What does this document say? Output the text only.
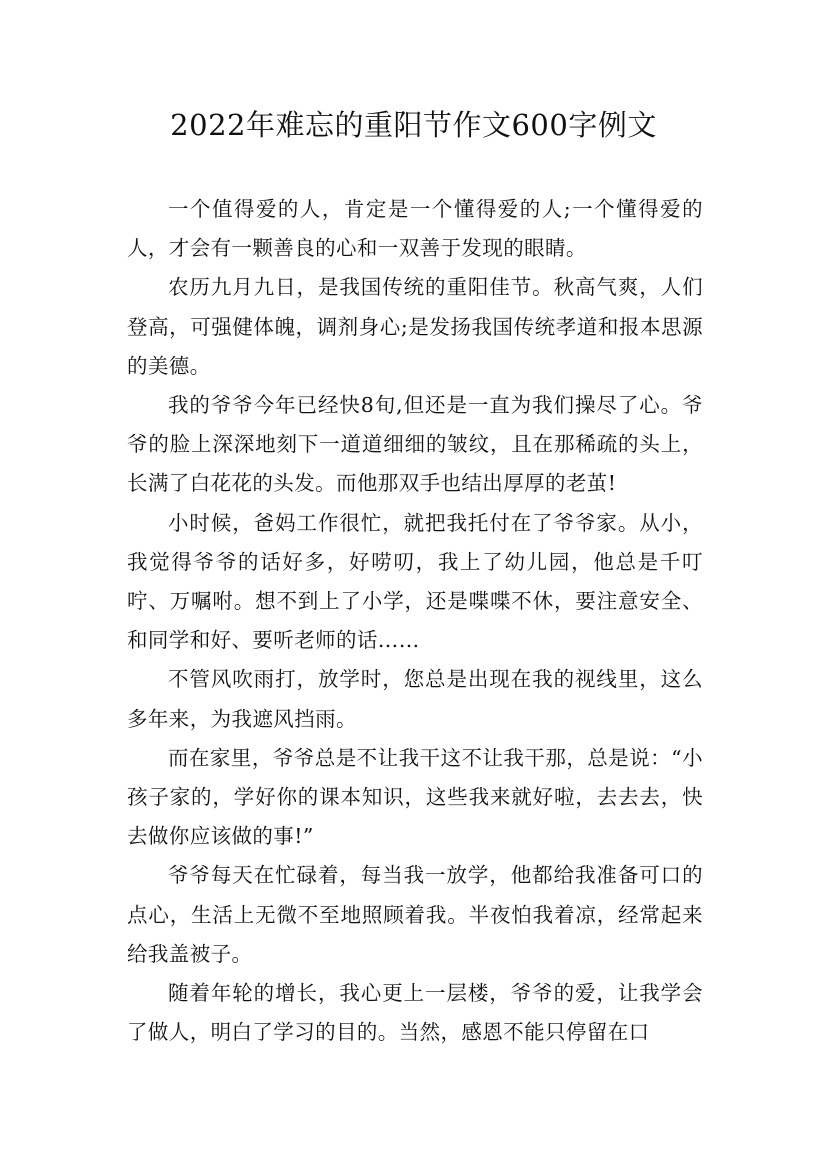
2022年难忘的重阳节作文600字例文

一个值得爱的人，肯定是一个懂得爱的人;一个懂得爱的人，才会有一颗善良的心和一双善于发现的眼睛。

农历九月九日，是我国传统的重阳佳节。秋高气爽，人们登高，可强健体魄，调剂身心;是发扬我国传统孝道和报本思源的美德。

我的爷爷今年已经快8旬,但还是一直为我们操尽了心。爷爷的脸上深深地刻下一道道细细的皱纹，且在那稀疏的头上，长满了白花花的头发。而他那双手也结出厚厚的老茧!

小时候，爸妈工作很忙，就把我托付在了爷爷家。从小，我觉得爷爷的话好多，好唠叨，我上了幼儿园，他总是千叮咛、万嘱咐。想不到上了小学，还是喋喋不休，要注意安全、和同学和好、要听老师的话……

不管风吹雨打，放学时，您总是出现在我的视线里，这么多年来，为我遮风挡雨。

而在家里，爷爷总是不让我干这不让我干那，总是说：“小孩子家的，学好你的课本知识，这些我来就好啦，去去去，快去做你应该做的事!”

爷爷每天在忙碌着，每当我一放学，他都给我准备可口的点心，生活上无微不至地照顾着我。半夜怕我着凉，经常起来给我盖被子。

随着年轮的增长，我心更上一层楼，爷爷的爱，让我学会了做人，明白了学习的目的。当然，感恩不能只停留在口
